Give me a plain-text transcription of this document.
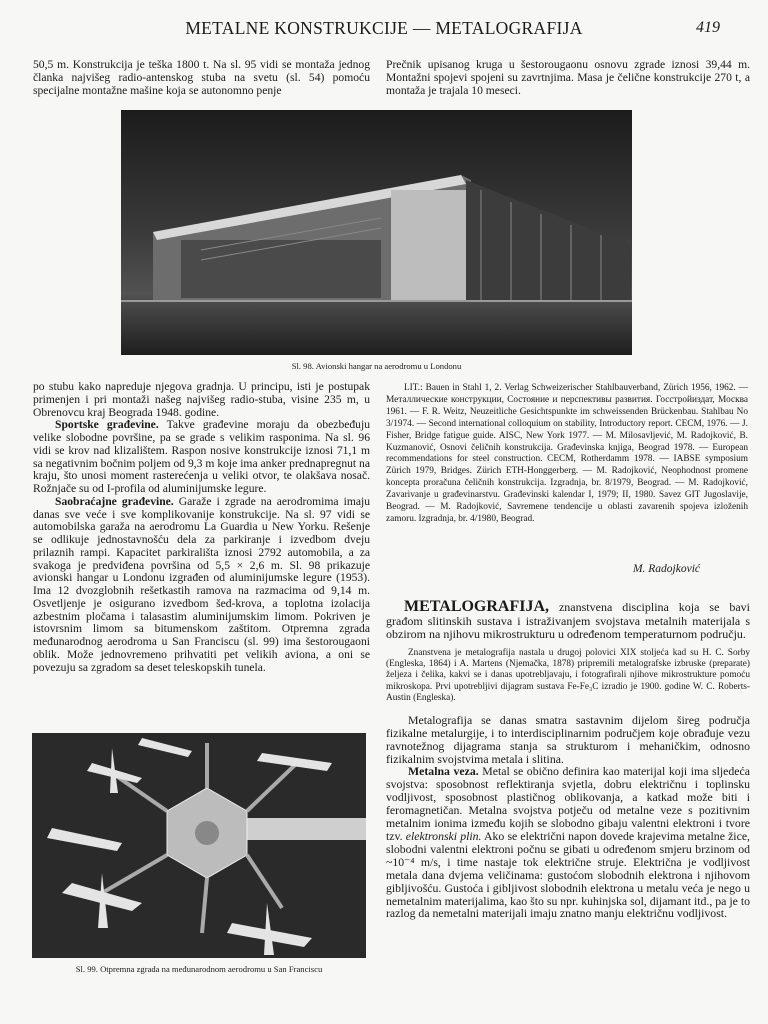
METALNE KONSTRUKCIJE — METALOGRAFIJA	419

50,5 m. Konstrukcija je teška 1800 t. Na sl. 95 vidi se montaža jednog članka najvišeg radio-antenskog stuba na svetu (sl. 54) pomoću specijalne montažne mašine koja se autonomno penje

Prečnik upisanog kruga u šestorougaonu osnovu zgrade iznosi 39,44 m. Montažni spojevi spojeni su zavrtnjima. Masa je čelične konstrukcije 270 t, a montaža je trajala 10 meseci.

Sl. 98. Avionski hangar na aerodromu u Londonu

po stubu kako napreduje njegova gradnja. U principu, isti je postupak primenjen i pri montaži našeg najvišeg radio-stuba, visine 235 m, u Obrenovcu kraj Beograda 1948. godine.

Sportske građevine. Takve građevine moraju da obezbeđuju velike slobodne površine, pa se grade s velikim rasponima. Na sl. 96 vidi se krov nad klizalištem. Raspon nosive konstrukcije iznosi 71,1 m sa negativnim bočnim poljem od 9,3 m koje ima anker prednapregnut na kraju, što unosi moment rasterećenja u veliki otvor, te olakšava nosač. Rožnjače su od I-profila od aluminijumske legure.

Saobraćajne građevine. Garaže i zgrade na aerodromima imaju danas sve veće i sve komplikovanije konstrukcije. Na sl. 97 vidi se automobilska garaža na aerodromu La Guardia u New Yorku. Rešenje se odlikuje jednostavnošću dela za parkiranje i izvedbom dveju prilaznih rampi. Kapacitet parkirališta iznosi 2792 automobila, a za svakoga je predviđena površina od 5,5 × 2,6 m. Sl. 98 prikazuje avionski hangar u Londonu izgrađen od aluminijumske legure (1953). Ima 12 dvozglobnih rešetkastih ramova na razmacima od 9,14 m. Osvetljenje je osigurano izvedbom šed-krova, a toplotna izolacija azbestnim pločama i talasastim aluminijumskim limom. Pokriven je istovrsnim limom sa bitumenskom zaštitom. Otpremna zgrada međunarodnog aerodroma u San Franciscu (sl. 99) ima šestorougaoni oblik. Može jednovremeno prihvatiti pet velikih aviona, a oni se povezuju sa zgradom sa deset teleskopskih tunela.

Sl. 99. Otpremna zgrada na međunarodnom aerodromu u San Franciscu
LIT.: Bauen in Stahl 1, 2. Verlag Schweizerischer Stahlbauverband, Zürich 1956, 1962. — Металлические конструкции, Состояние и перспективы развития. Госстройиздат, Москва 1961. — F. R. Weitz, Neuzeitliche Gesichtspunkte im schweissenden Brückenbau. Stahlbau No 3/1974. — Second international colloquium on stability, Introductory report. CECM, 1976. — J. Fisher, Bridge fatigue guide. AISC, New York 1977. — M. Milosavljević, M. Radojković, B. Kuzmanović, Osnovi čeličnih konstrukcija. Građevinska knjiga, Beograd 1978. — European recommendations for steel construction. CECM, Rotherdamm 1978. — IABSE symposium Zürich 1979, Bridges. Zürich ETH-Honggerberg. — M. Radojković, Neophodnost promene koncepta proračuna čeličnih konstrukcija. Izgradnja, br. 8/1979, Beograd. — M. Radojković, Zavarivanje u građevinarstvu. Građevinski kalendar I, 1979; II, 1980. Savez GIT Jugoslavije, Beograd. — M. Radojković, Savremene tendencije u oblasti zavarenih spojeva izloženih zamoru. Izgradnja, br. 4/1980, Beograd.
M. Radojković

METALOGRAFIJA, znanstvena disciplina koja se bavi građom slitinskih sustava i istraživanjem svojstava metalnih materijala s obzirom na njihovu mikrostrukturu u određenom temperaturnom području.

Znanstvena je metalografija nastala u drugoj polovici XIX stoljeća kad su H. C. Sorby (Engleska, 1864) i A. Martens (Njemačka, 1878) pripremili metalografske izbruske (preparate) željeza i čelika, kakvi se i danas upotrebljavaju, i fotografirali njihove mikrostrukture pomoću mikroskopa. Prvi upotrebljivi dijagram sustava Fe-Fe₃C izradio je 1900. godine W. C. Roberts-Austin (Engleska).

Metalografija se danas smatra sastavnim dijelom šireg područja fizikalne metalurgije, i to interdisciplinarnim područjem koje obrađuje vezu ravnotežnog dijagrama stanja sa strukturom i mehaničkim, odnosno fizikalnim svojstvima metala i slitina.

Metalna veza. Metal se obično definira kao materijal koji ima sljedeća svojstva: sposobnost reflektiranja svjetla, dobru električnu i toplinsku vodljivost, sposobnost plastičnog oblikovanja, a katkad može biti i feromagnetičan. Metalna svojstva potječu od metalne veze s pozitivnim metalnim ionima između kojih se slobodno gibaju valentni elektroni i tvore tzv. elektronski plin. Ako se električni napon dovede krajevima metalne žice, slobodni valentni elektroni počnu se gibati u određenom smjeru brzinom od ~10⁻⁴ m/s, i time nastaje tok električne struje. Električna je vodljivost metala dana dvjema veličinama: gustoćom slobodnih elektrona i njihovom gibljivošću. Gustoća i gibljivost slobodnih elektrona u metalu veća je nego u nemetalnim materijalima, kao što su npr. kuhinjska sol, dijamant itd., pa je to razlog da nemetalni materijali imaju znatno manju električnu vodljivost.
